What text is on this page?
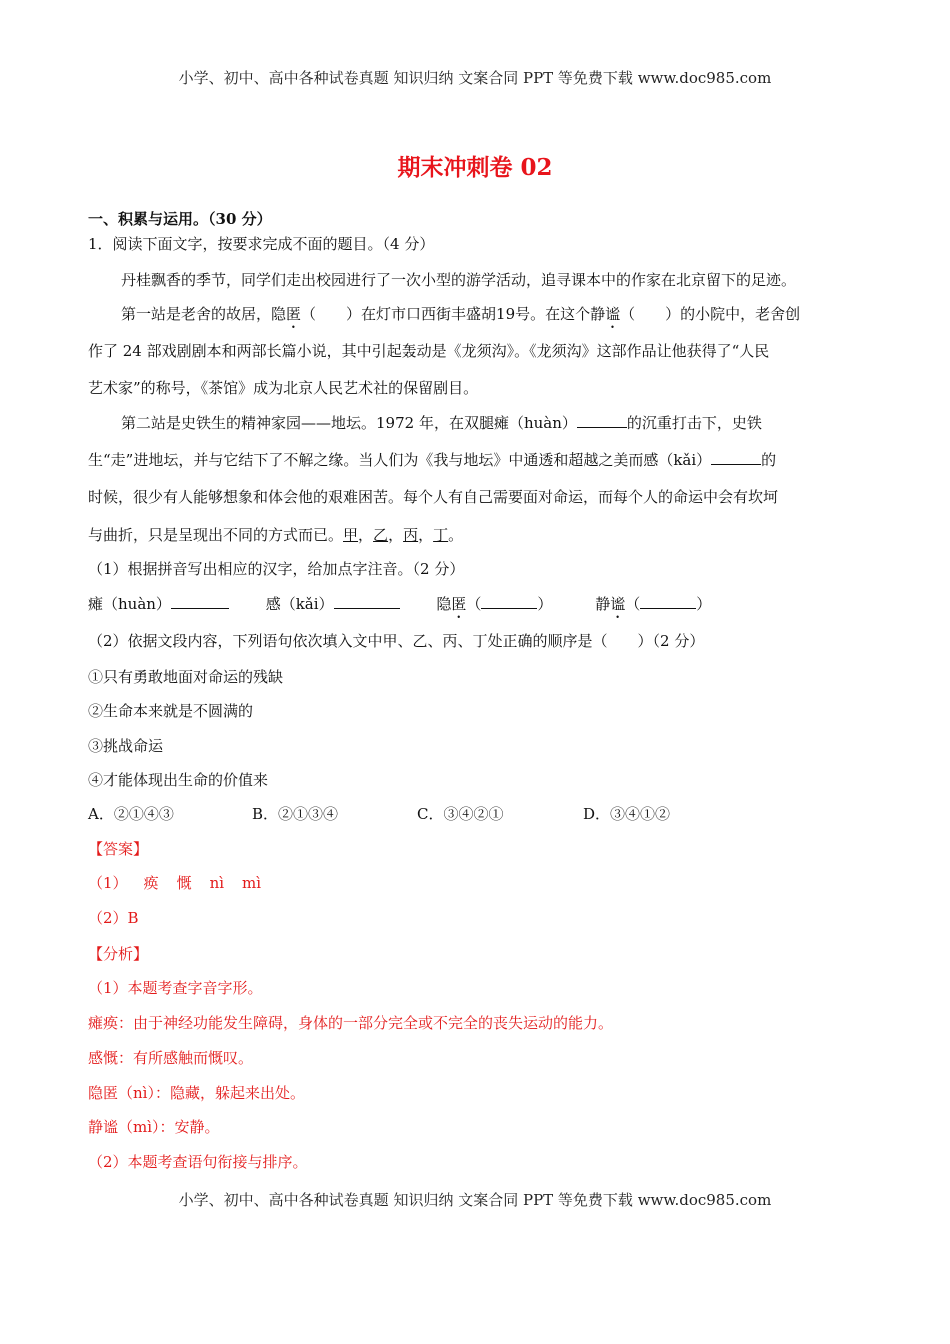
小学、初中、高中各种试卷真题 知识归纳 文案合同 PPT 等免费下载 www.doc985.com
期末冲刺卷 02
一、积累与运用。（30 分）
1．阅读下面文字，按要求完成不面的题目。（4 分）
丹桂飘香的季节，同学们走出校园进行了一次小型的游学活动，追寻课本中的作家在北京留下的足迹。
第一站是老舍的故居，隐匿（　　）在灯市口西街丰盛胡19号。在这个静谧（　　）的小院中，老舍创
作了 24 部戏剧剧本和两部长篇小说，其中引起轰动是《龙须沟》。《龙须沟》这部作品让他获得了“人民
艺术家”的称号，《茶馆》成为北京人民艺术社的保留剧目。
第二站是史铁生的精神家园——地坛。1972 年，在双腿瘫（huàn）	的沉重打击下，史铁
生“走”进地坛，并与它结下了不解之缘。当人们为《我与地坛》中通透和超越之美而感（kǎi）	的
时候，很少有人能够想象和体会他的艰难困苦。每个人有自己需要面对命运，而每个人的命运中会有坎坷
与曲折，只是呈现出不同的方式而已。甲，乙，丙，丁。
（1）根据拼音写出相应的汉字，给加点字注音。（2 分）
瘫（huàn）	感（kǎi）	隐匿（	）	静谧（	）
（2）依据文段内容，下列语句依次填入文中甲、乙、丙、丁处正确的顺序是（　　）（2 分）
①只有勇敢地面对命运的残缺
②生命本来就是不圆满的
③挑战命运
④才能体现出生命的价值来
A．②①④③	B．②①③④	C．③④②①	D．③④①②
【答案】
（1） 痪 慨 nì mì
（2）B
【分析】
（1）本题考查字音字形。
瘫痪：由于神经功能发生障碍，身体的一部分完全或不完全的丧失运动的能力。
感慨：有所感触而慨叹。
隐匿（nì）：隐藏，躲起来出处。
静谧（mì）：安静。
（2）本题考查语句衔接与排序。
小学、初中、高中各种试卷真题 知识归纳 文案合同 PPT 等免费下载 www.doc985.com
